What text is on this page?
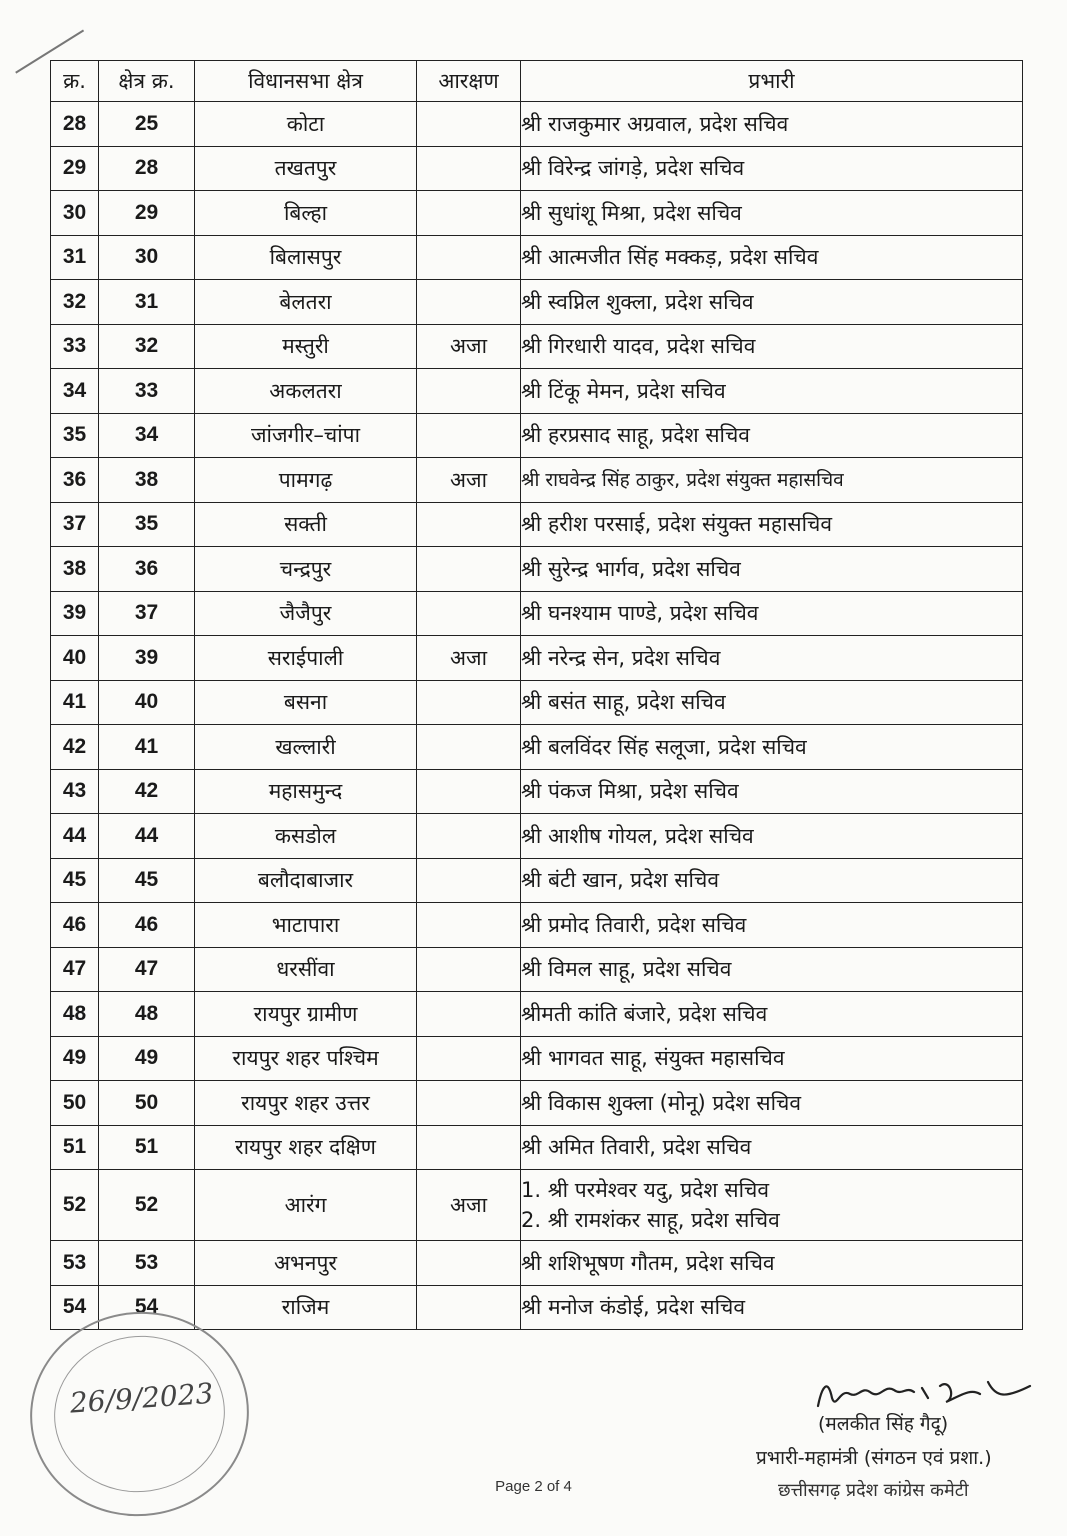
क्र.	क्षेत्र क्र.	विधानसभा क्षेत्र	आरक्षण	प्रभारी
28	25	कोटा		श्री राजकुमार अग्रवाल, प्रदेश सचिव

29	28	तखतपुर		श्री विरेन्द्र जांगड़े, प्रदेश सचिव

30	29	बिल्हा		श्री सुधांशू मिश्रा, प्रदेश सचिव

31	30	बिलासपुर		श्री आत्मजीत सिंह मक्कड़, प्रदेश सचिव

32	31	बेलतरा		श्री स्वप्निल शुक्ला, प्रदेश सचिव

33	32	मस्तुरी	अजा	श्री गिरधारी यादव, प्रदेश सचिव

34	33	अकलतरा		श्री टिंकू मेमन, प्रदेश सचिव

35	34	जांजगीर–चांपा		श्री हरप्रसाद साहू, प्रदेश सचिव

36	38	पामगढ़	अजा	श्री राघवेन्द्र सिंह ठाकुर, प्रदेश संयुक्त महासचिव

37	35	सक्ती		श्री हरीश परसाई, प्रदेश संयुक्त महासचिव

38	36	चन्द्रपुर		श्री सुरेन्द्र भार्गव, प्रदेश सचिव

39	37	जैजैपुर		श्री घनश्याम पाण्डे, प्रदेश सचिव

40	39	सराईपाली	अजा	श्री नरेन्द्र सेन, प्रदेश सचिव

41	40	बसना		श्री बसंत साहू, प्रदेश सचिव

42	41	खल्लारी		श्री बलविंदर सिंह सलूजा, प्रदेश सचिव

43	42	महासमुन्द		श्री पंकज मिश्रा, प्रदेश सचिव

44	44	कसडोल		श्री आशीष गोयल, प्रदेश सचिव

45	45	बलौदाबाजार		श्री बंटी खान, प्रदेश सचिव

46	46	भाटापारा		श्री प्रमोद तिवारी, प्रदेश सचिव

47	47	धरसींवा		श्री विमल साहू, प्रदेश सचिव

48	48	रायपुर ग्रामीण		श्रीमती कांति बंजारे, प्रदेश सचिव

49	49	रायपुर शहर पश्चिम		श्री भागवत साहू, संयुक्त महासचिव

50	50	रायपुर शहर उत्तर		श्री विकास शुक्ला (मोनू) प्रदेश सचिव

51	51	रायपुर शहर दक्षिण		श्री अमित तिवारी, प्रदेश सचिव

52	52	आरंग	अजा	1. श्री परमेश्वर यदु, प्रदेश सचिव
2. श्री रामशंकर साहू, प्रदेश सचिव

53	53	अभनपुर		श्री शशिभूषण गौतम, प्रदेश सचिव

54	54	राजिम		श्री मनोज कंडोई, प्रदेश सचिव
26/9/2023
(मलकीत सिंह गैदू)
प्रभारी-महामंत्री (संगठन एवं प्रशा.)
छत्तीसगढ़ प्रदेश कांग्रेस कमेटी
Page 2 of 4
